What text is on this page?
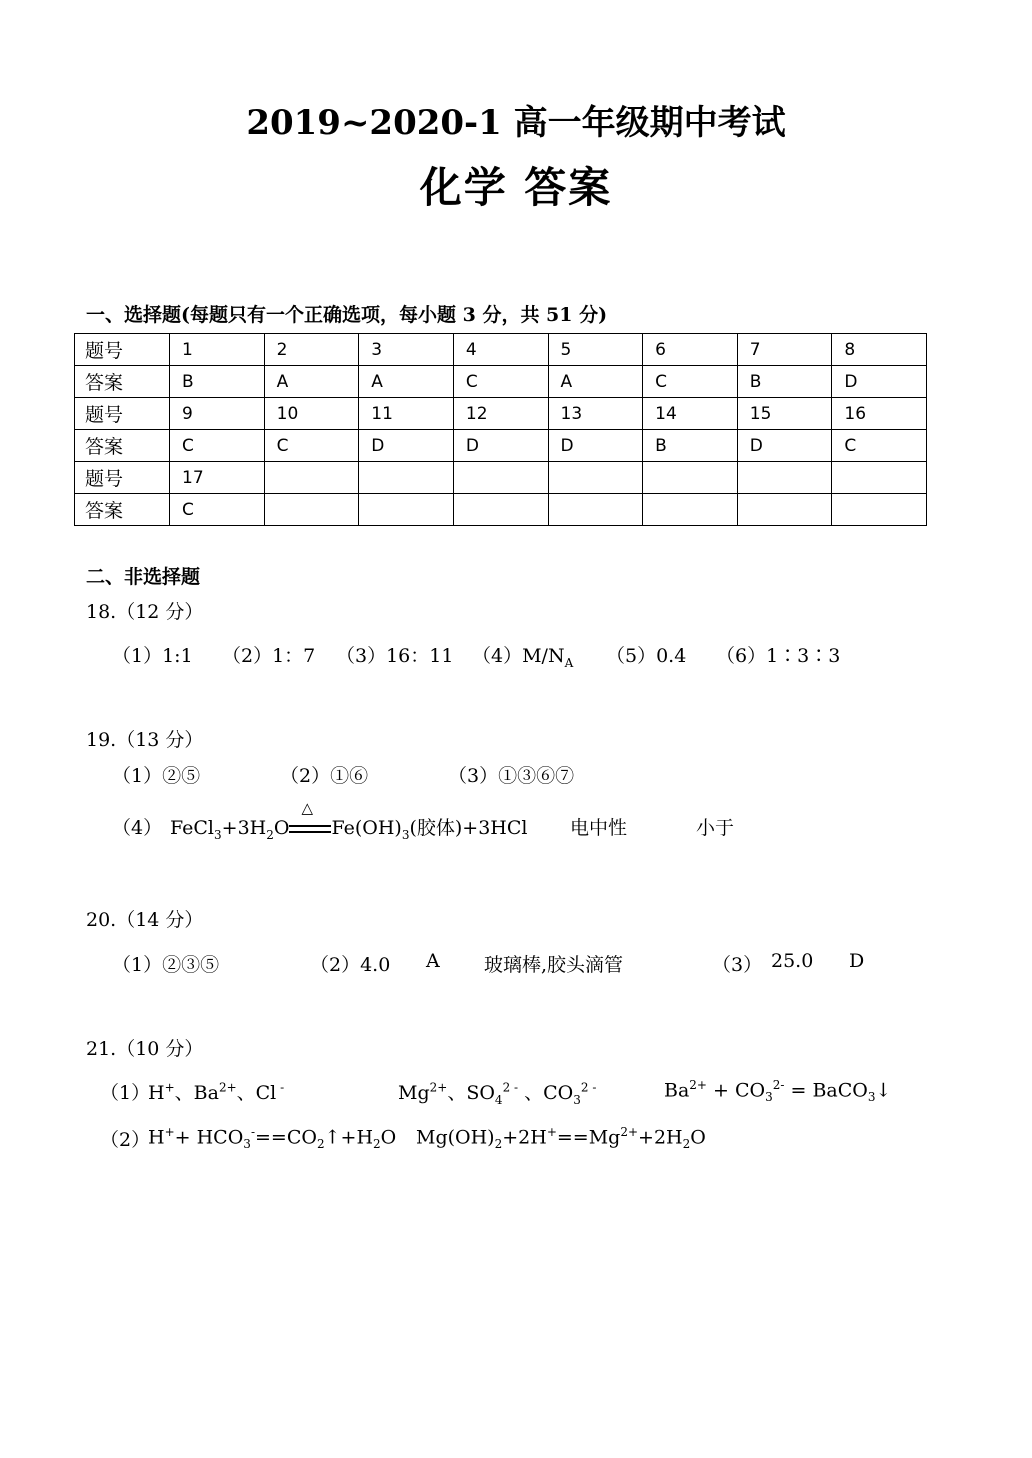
2019~2020-1 高一年级期中考试
化学 答案
一、选择题(每题只有一个正确选项，每小题 3 分，共 51 分)
题号	1	2	3	4	5	6	7	8
答案	B	A	A	C	A	C	B	D
题号	9	10	11	12	13	14	15	16
答案	C	C	D	D	D	B	D	C
题号	17							
答案	C							
二、非选择题
18.（12 分）
（1）1:1 （2）1：7 （3）16：11 $(4)M/N_A$ （5）0.4 （6）1∶3∶3
19.（13 分）
（1）②⑤	（2）①⑥	（3）①③⑥⑦
（4） $FeCl_3+3H_2O$
△
$Fe(OH)_3$(胶体)+3HCl 电中性	小于
20.（14 分）
（1）②③⑤	（2）4.0 A 玻璃棒,胶头滴管	（3） 25.0 D
21.（10 分）
（1）
H+、$Ba^{2+}$、Cl -	$Mg^{2+}$、$SO_4^{2 -}$ 、$CO_3^{2 -}$	$Ba^{2+} + CO_3^{2-}$ = BaCO$_3$↓
（2）
$H^++ HCO_3^-==CO_2↑+H_2O$ $Mg(OH)_2+2H^+==Mg^{2+}+2H_2O$
